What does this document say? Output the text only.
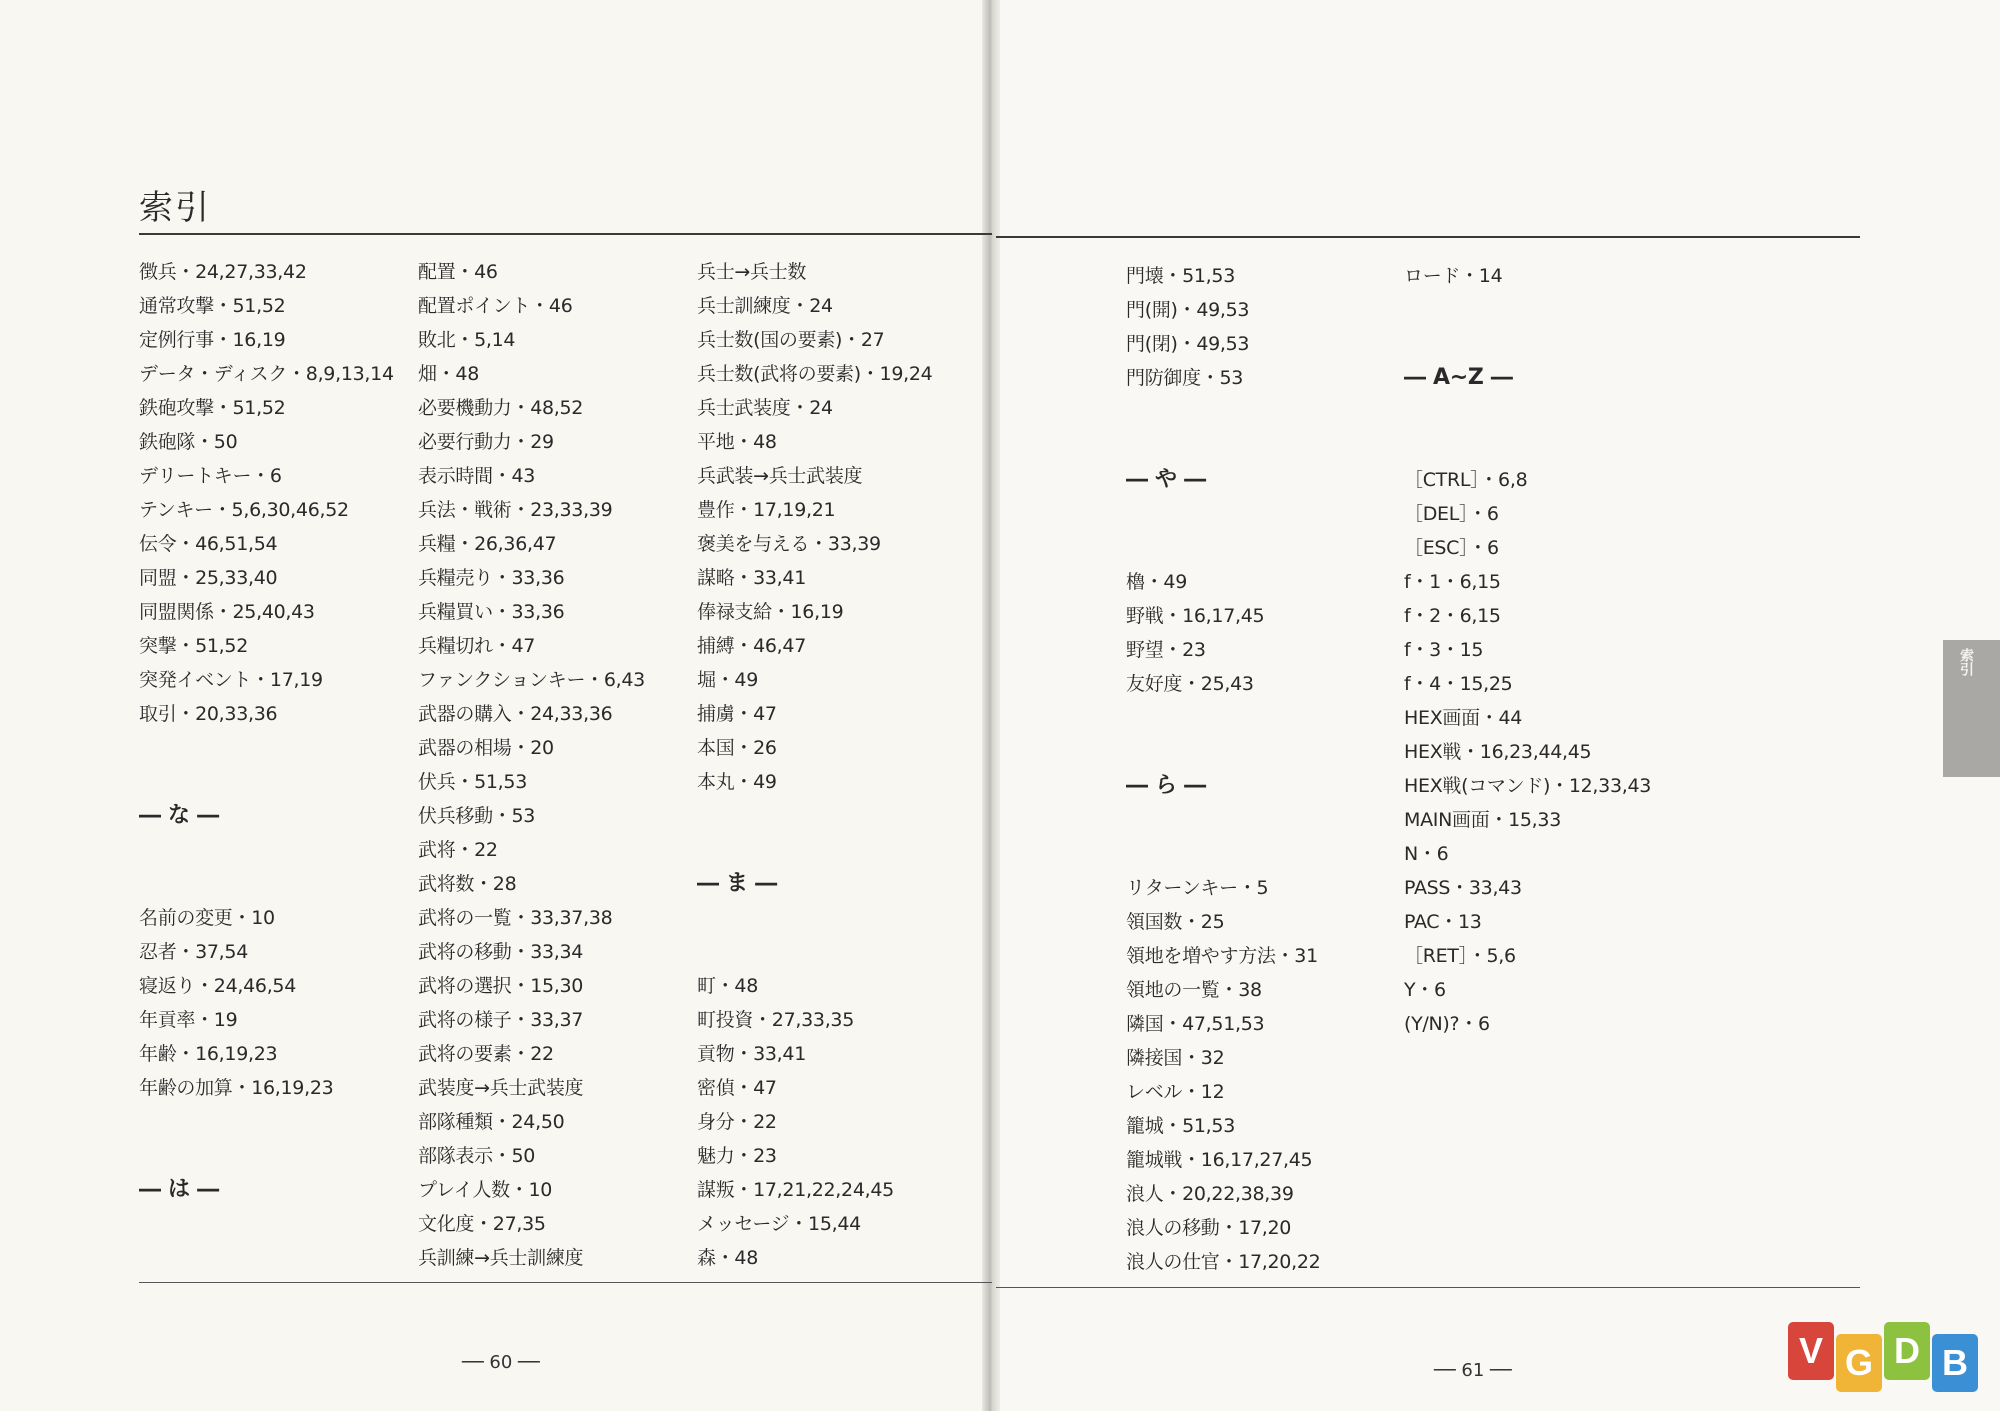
索引
徴兵・24,27,33,42
通常攻撃・51,52
定例行事・16,19
データ・ディスク・8,9,13,14
鉄砲攻撃・51,52
鉄砲隊・50
デリートキー・6
テンキー・5,6,30,46,52
伝令・46,51,54
同盟・25,33,40
同盟関係・25,40,43
突撃・51,52
突発イベント・17,19
取引・20,33,36
― な ―
名前の変更・10
忍者・37,54
寝返り・24,46,54
年貢率・19
年齢・16,19,23
年齢の加算・16,19,23
― は ―
配置・46
配置ポイント・46
敗北・5,14
畑・48
必要機動力・48,52
必要行動力・29
表示時間・43
兵法・戦術・23,33,39
兵糧・26,36,47
兵糧売り・33,36
兵糧買い・33,36
兵糧切れ・47
ファンクションキー・6,43
武器の購入・24,33,36
武器の相場・20
伏兵・51,53
伏兵移動・53
武将・22
武将数・28
武将の一覧・33,37,38
武将の移動・33,34
武将の選択・15,30
武将の様子・33,37
武将の要素・22
武装度→兵士武装度
部隊種類・24,50
部隊表示・50
プレイ人数・10
文化度・27,35
兵訓練→兵士訓練度
兵士→兵士数
兵士訓練度・24
兵士数(国の要素)・27
兵士数(武将の要素)・19,24
兵士武装度・24
平地・48
兵武装→兵士武装度
豊作・17,19,21
褒美を与える・33,39
謀略・33,41
俸禄支給・16,19
捕縛・46,47
堀・49
捕虜・47
本国・26
本丸・49
― ま ―
町・48
町投資・27,33,35
貢物・33,41
密偵・47
身分・22
魅力・23
謀叛・17,21,22,24,45
メッセージ・15,44
森・48
門壊・51,53
門(開)・49,53
門(閉)・49,53
門防御度・53
― や ―
櫓・49
野戦・16,17,45
野望・23
友好度・25,43
― ら ―
リターンキー・5
領国数・25
領地を増やす方法・31
領地の一覧・38
隣国・47,51,53
隣接国・32
レベル・12
籠城・51,53
籠城戦・16,17,27,45
浪人・20,22,38,39
浪人の移動・17,20
浪人の仕官・17,20,22
ロード・14
― A~Z ―
［CTRL］・6,8
［DEL］・6
［ESC］・6
f・1・6,15
f・2・6,15
f・3・15
f・4・15,25
HEX画面・44
HEX戦・16,23,44,45
HEX戦(コマンド)・12,33,43
MAIN画面・15,33
N・6
PASS・33,43
PAC・13
［RET］・5,6
Y・6
(Y/N)?・6
── 60 ──	── 61 ──
索引
V G D B
